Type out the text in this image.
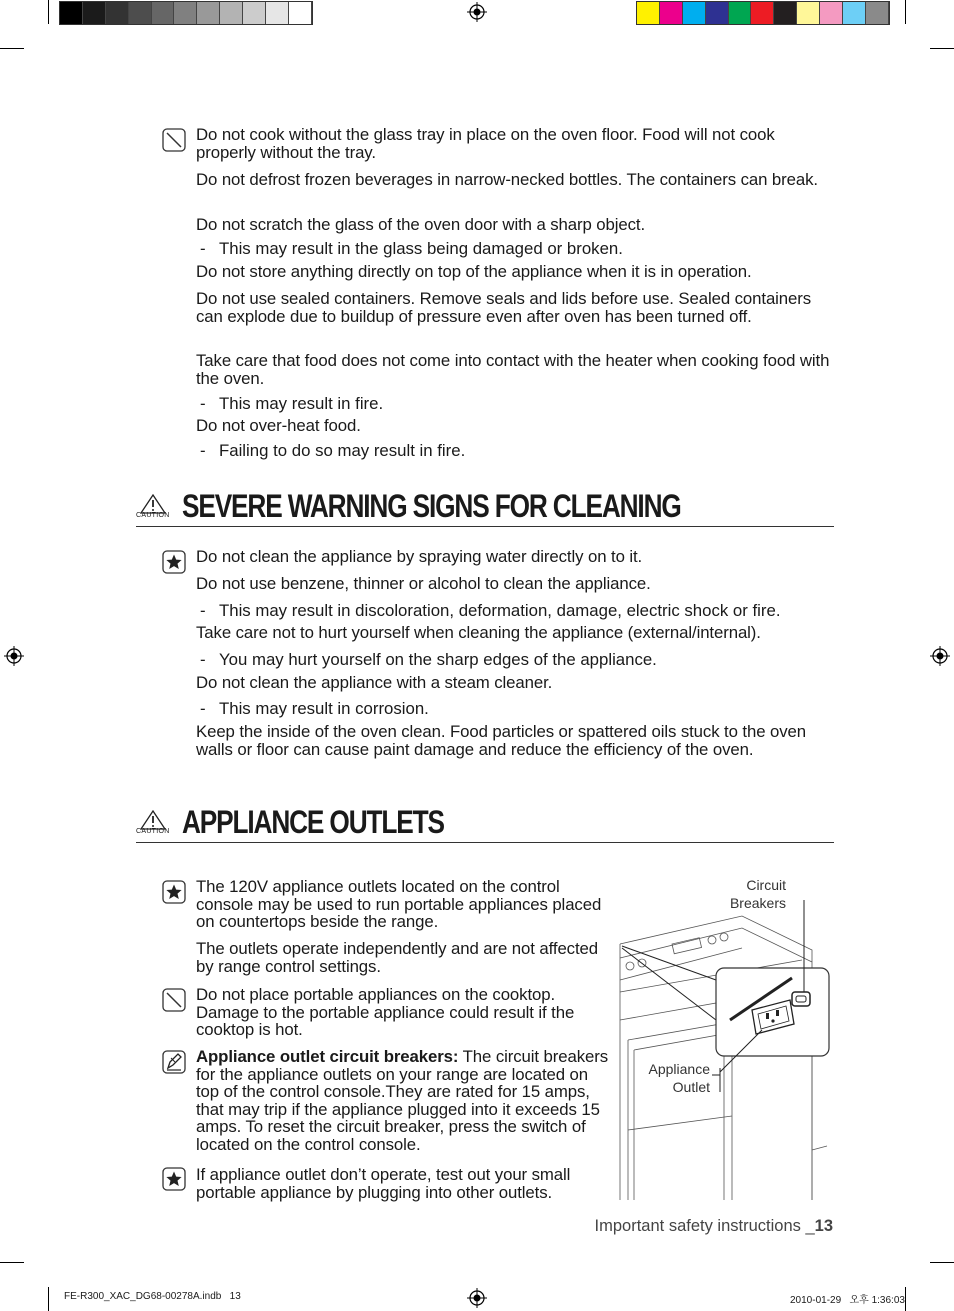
Do not cook without the glass tray in place on the oven floor. Food will not cook properly without the tray.
Do not defrost frozen beverages in narrow-necked bottles. The containers can break.
Do not scratch the glass of the oven door with a sharp object.
- This may result in the glass being damaged or broken.
Do not store anything directly on top of the appliance when it is in operation.
Do not use sealed containers. Remove seals and lids before use. Sealed containers can explode due to buildup of pressure even after oven has been turned off.
Take care that food does not come into contact with the heater when cooking food with the oven.
- This may result in fire.
Do not over-heat food.
- Failing to do so may result in fire.
CAUTION SEVERE WARNING SIGNS FOR CLEANING
Do not clean the appliance by spraying water directly on to it.
Do not use benzene, thinner or alcohol to clean the appliance.
- This may result in discoloration, deformation, damage, electric shock or fire.
Take care not to hurt yourself when cleaning the appliance (external/internal).
- You may hurt yourself on the sharp edges of the appliance.
Do not clean the appliance with a steam cleaner.
- This may result in corrosion.
Keep the inside of the oven clean. Food particles or spattered oils stuck to the oven walls or floor can cause paint damage and reduce the efficiency of the oven.
CAUTION APPLIANCE OUTLETS
The 120V appliance outlets located on the control console may be used to run portable appliances placed on countertops beside the range.
The outlets operate independently and are not affected by range control settings.
Do not place portable appliances on the cooktop. Damage to the portable appliance could result if the cooktop is hot.
Appliance outlet circuit breakers: The circuit breakers for the appliance outlets on your range are located on top of the control console.They are rated for 15 amps, that may trip if the appliance plugged into it exceeds 15 amps. To reset the circuit breaker, press the switch of located on the control console.
If appliance outlet don’t operate, test out your small portable appliance by plugging into other outlets.
Circuit
Breakers
Appliance
Outlet
Important safety instructions _13
FE-R300_XAC_DG68-00278A.indb   13	2010-01-29   오후 1:36:03
